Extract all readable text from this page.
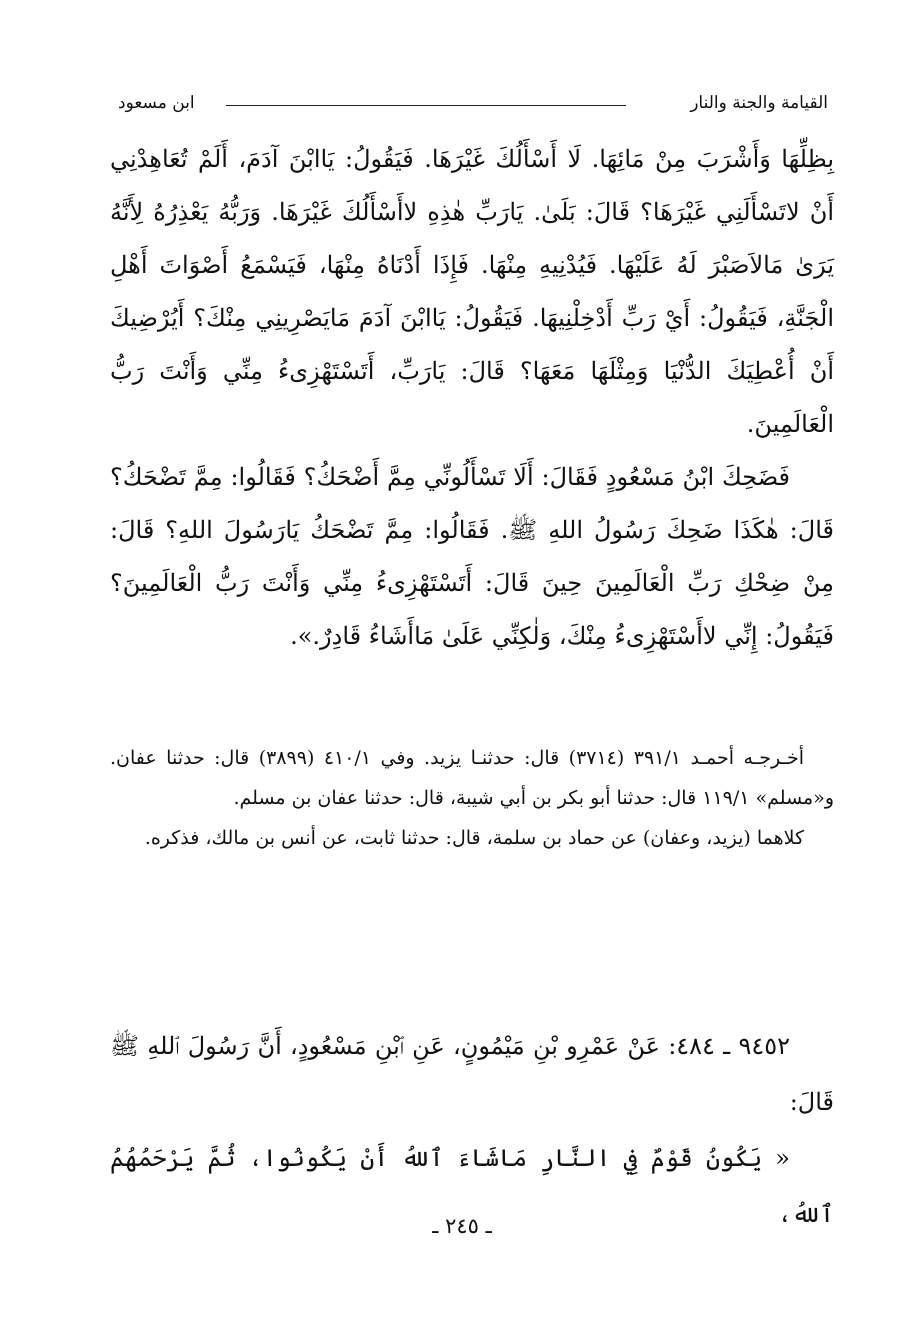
القيامة والجنة والنار
ابن مسعود

بِظِلِّهَا وَأَشْرَبَ مِنْ مَائِهَا. لَا أَسْأَلُكَ غَيْرَهَا. فَيَقُولُ: يَاابْنَ آدَمَ، أَلَمْ تُعَاهِدْنِي أَنْ لاتَسْأَلَنِي غَيْرَهَا؟ قَالَ: بَلَىٰ. يَارَبِّ هٰذِهِ لاأَسْأَلُكَ غَيْرَهَا. وَرَبُّهُ يَعْذِرُهُ لِأَنَّهُ يَرَىٰ مَالاَصَبْرَ لَهُ عَلَيْهَا. فَيُدْنِيهِ مِنْهَا. فَإِذَا أَدْنَاهُ مِنْهَا، فَيَسْمَعُ أَصْوَاتَ أَهْلِ الْجَنَّةِ، فَيَقُولُ: أَيْ رَبِّ أَدْخِلْنِيهَا. فَيَقُولُ: يَاابْنَ آدَمَ مَايَصْرِينِي مِنْكَ؟ أَيُرْضِيكَ أَنْ أُعْطِيَكَ الدُّنْيَا وَمِثْلَهَا مَعَهَا؟ قَالَ: يَارَبِّ، أَتَسْتَهْزِىءُ مِنِّي وَأَنْتَ رَبُّ الْعَالَمِينَ.

فَضَحِكَ ابْنُ مَسْعُودٍ فَقَالَ: أَلَا تَسْأَلُونِّي مِمَّ أَضْحَكُ؟ فَقَالُوا: مِمَّ تَضْحَكُ؟ قَالَ: هٰكَذَا ضَحِكَ رَسُولُ اللهِ ﷺ. فَقَالُوا: مِمَّ تَضْحَكُ يَارَسُولَ اللهِ؟ قَالَ: مِنْ ضِحْكِ رَبِّ الْعَالَمِينَ حِينَ قَالَ: أَتَسْتَهْزِىءُ مِنِّي وَأَنْتَ رَبُّ الْعَالَمِينَ؟ فَيَقُولُ: إِنِّي لاأَسْتَهْزِىءُ مِنْكَ، وَلٰكِنِّي عَلَىٰ مَاأَشَاءُ قَادِرٌ.».

أخـرجـه أحمـد ٣٩١/١ (٣٧١٤) قال: حدثنـا يزيد. وفي ٤١٠/١ (٣٨٩٩) قال: حدثنا عفان. و«مسلم» ١١٩/١ قال: حدثنا أبو بكر بن أبي شيبة، قال: حدثنا عفان بن مسلم.

كلاهما (يزيد، وعفان) عن حماد بن سلمة، قال: حدثنا ثابت، عن أنس بن مالك، فذكره.

٩٤٥٢ ـ ٤٨٤: عَنْ عَمْرِو بْنِ مَيْمُونٍ، عَنِ ٱبْنِ مَسْعُودٍ، أَنَّ رَسُولَ ٱللهِ ﷺ قَالَ:

« يَكُونُ قَوْمٌ فِي النَّارِ مَاشَاءَ ٱللهُ أَنْ يَكُونُوا، ثُمَّ يَرْحَمُهُمُ ٱللهُ،

ـ ٢٤٥ ـ
